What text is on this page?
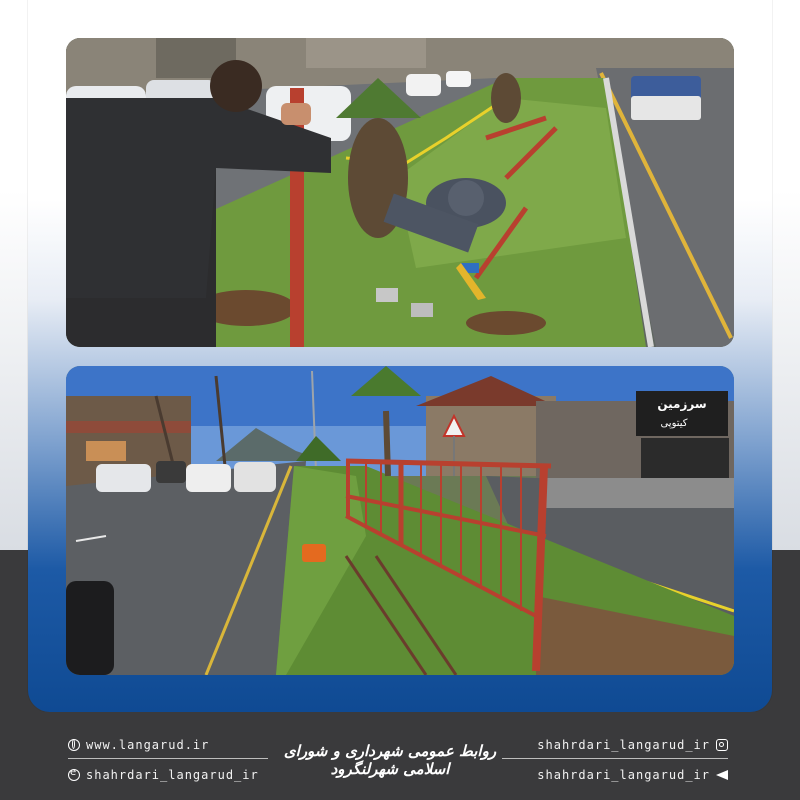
سرزمین
کیتوپی
www.langarud.ir
e
shahrdari_langarud_ir
روابط عمومی شهرداری و شورای اسلامی شهرلنگرود
shahrdari_langarud_ir
shahrdari_langarud_ir
